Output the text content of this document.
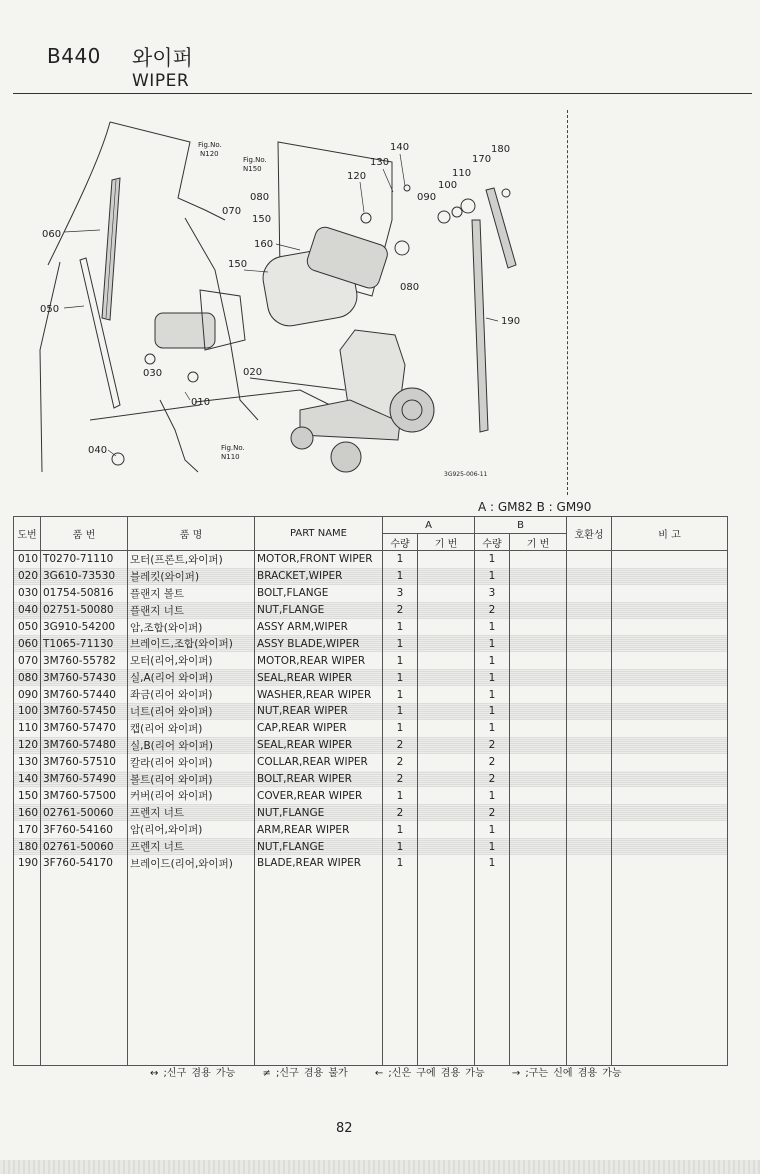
B440 와이퍼
WIPER
Fig.No.
N120
Fig.No.
N150
Fig.No.
N110
140
130
120
180
170
110
100
090
080
070
150
160
150
060
080
050
030	020
010
040
190
3G925-006-11
A : GM82 B : GM90
도번	품 번	품 명	PART NAME	A		B		호환성	비 고
				수량	기 번	수량	기 번		
010	T0270-71110	모터(프론트,와이퍼)	MOTOR,FRONT WIPER	1		1			
020	3G610-73530	블레킷(와이퍼)	BRACKET,WIPER	1		1			
030	01754-50816	플랜지 볼트	BOLT,FLANGE	3		3			
040	02751-50080	플랜지 너트	NUT,FLANGE	2		2			
050	3G910-54200	암,조합(와이퍼)	ASSY ARM,WIPER	1		1			
060	T1065-71130	브레이드,조합(와이퍼)	ASSY BLADE,WIPER	1		1			
070	3M760-55782	모터(리어,와이퍼)	MOTOR,REAR WIPER	1		1			
080	3M760-57430	실,A(리어 와이퍼)	SEAL,REAR WIPER	1		1			
090	3M760-57440	좌금(리어 와이퍼)	WASHER,REAR WIPER	1		1			
100	3M760-57450	너트(리어 와이퍼)	NUT,REAR WIPER	1		1			
110	3M760-57470	캡(리어 와이퍼)	CAP,REAR WIPER	1		1			
120	3M760-57480	실,B(리어 와이퍼)	SEAL,REAR WIPER	2		2			
130	3M760-57510	칼라(리어 와이퍼)	COLLAR,REAR WIPER	2		2			
140	3M760-57490	볼트(리어 와이퍼)	BOLT,REAR WIPER	2		2			
150	3M760-57500	커버(리어 와이퍼)	COVER,REAR WIPER	1		1			
160	02761-50060	프렌지 너트	NUT,FLANGE	2		2			
170	3F760-54160	암(리어,와이퍼)	ARM,REAR WIPER	1		1			
180	02761-50060	프렌지 너트	NUT,FLANGE	1		1			
190	3F760-54170	브레이드(리어,와이퍼)	BLADE,REAR WIPER	1		1			

↔ ;신구 겸용 가능	≠ ;신구 겸용 불가	← ;신은 구에 겸용 가능	→ ;구는 신에 겸용 가능
82
